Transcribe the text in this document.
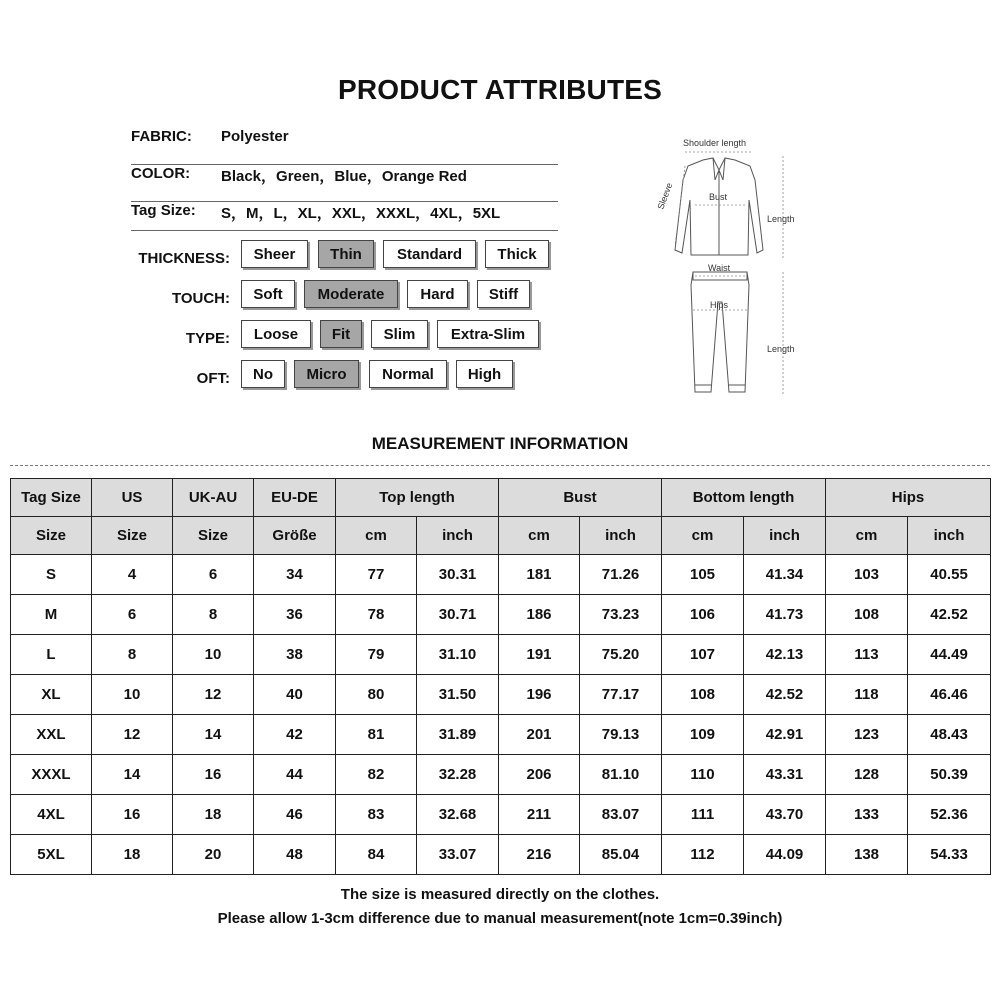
PRODUCT ATTRIBUTES
FABRIC: Polyester
COLOR: Black，Green，Blue，Orange Red
Tag Size: S，M，L，XL，XXL，XXXL，4XL，5XL
THICKNESS:	Sheer	Thin	Standard	Thick
TOUCH:	Soft	Moderate	Hard	Stiff
TYPE:	Loose	Fit	Slim	Extra-Slim
OFT:	No	Micro	Normal	High
Shoulder length
Sleeve	Bust
Length
Waist
Hips
Length
MEASUREMENT INFORMATION
Tag Size	US	UK-AU	EU-DE	Top length		Bust		Bottom length		Hips	
Size	Size	Size	Größe	cm	inch	cm	inch	cm	inch	cm	inch
S	4	6	34	77	30.31	181	71.26	105	41.34	103	40.55
M	6	8	36	78	30.71	186	73.23	106	41.73	108	42.52
L	8	10	38	79	31.10	191	75.20	107	42.13	113	44.49
XL	10	12	40	80	31.50	196	77.17	108	42.52	118	46.46
XXL	12	14	42	81	31.89	201	79.13	109	42.91	123	48.43
XXXL	14	16	44	82	32.28	206	81.10	110	43.31	128	50.39
4XL	16	18	46	83	32.68	211	83.07	111	43.70	133	52.36
5XL	18	20	48	84	33.07	216	85.04	112	44.09	138	54.33
The size is measured directly on the clothes.
Please allow 1-3cm difference due to manual measurement(note 1cm=0.39inch)
